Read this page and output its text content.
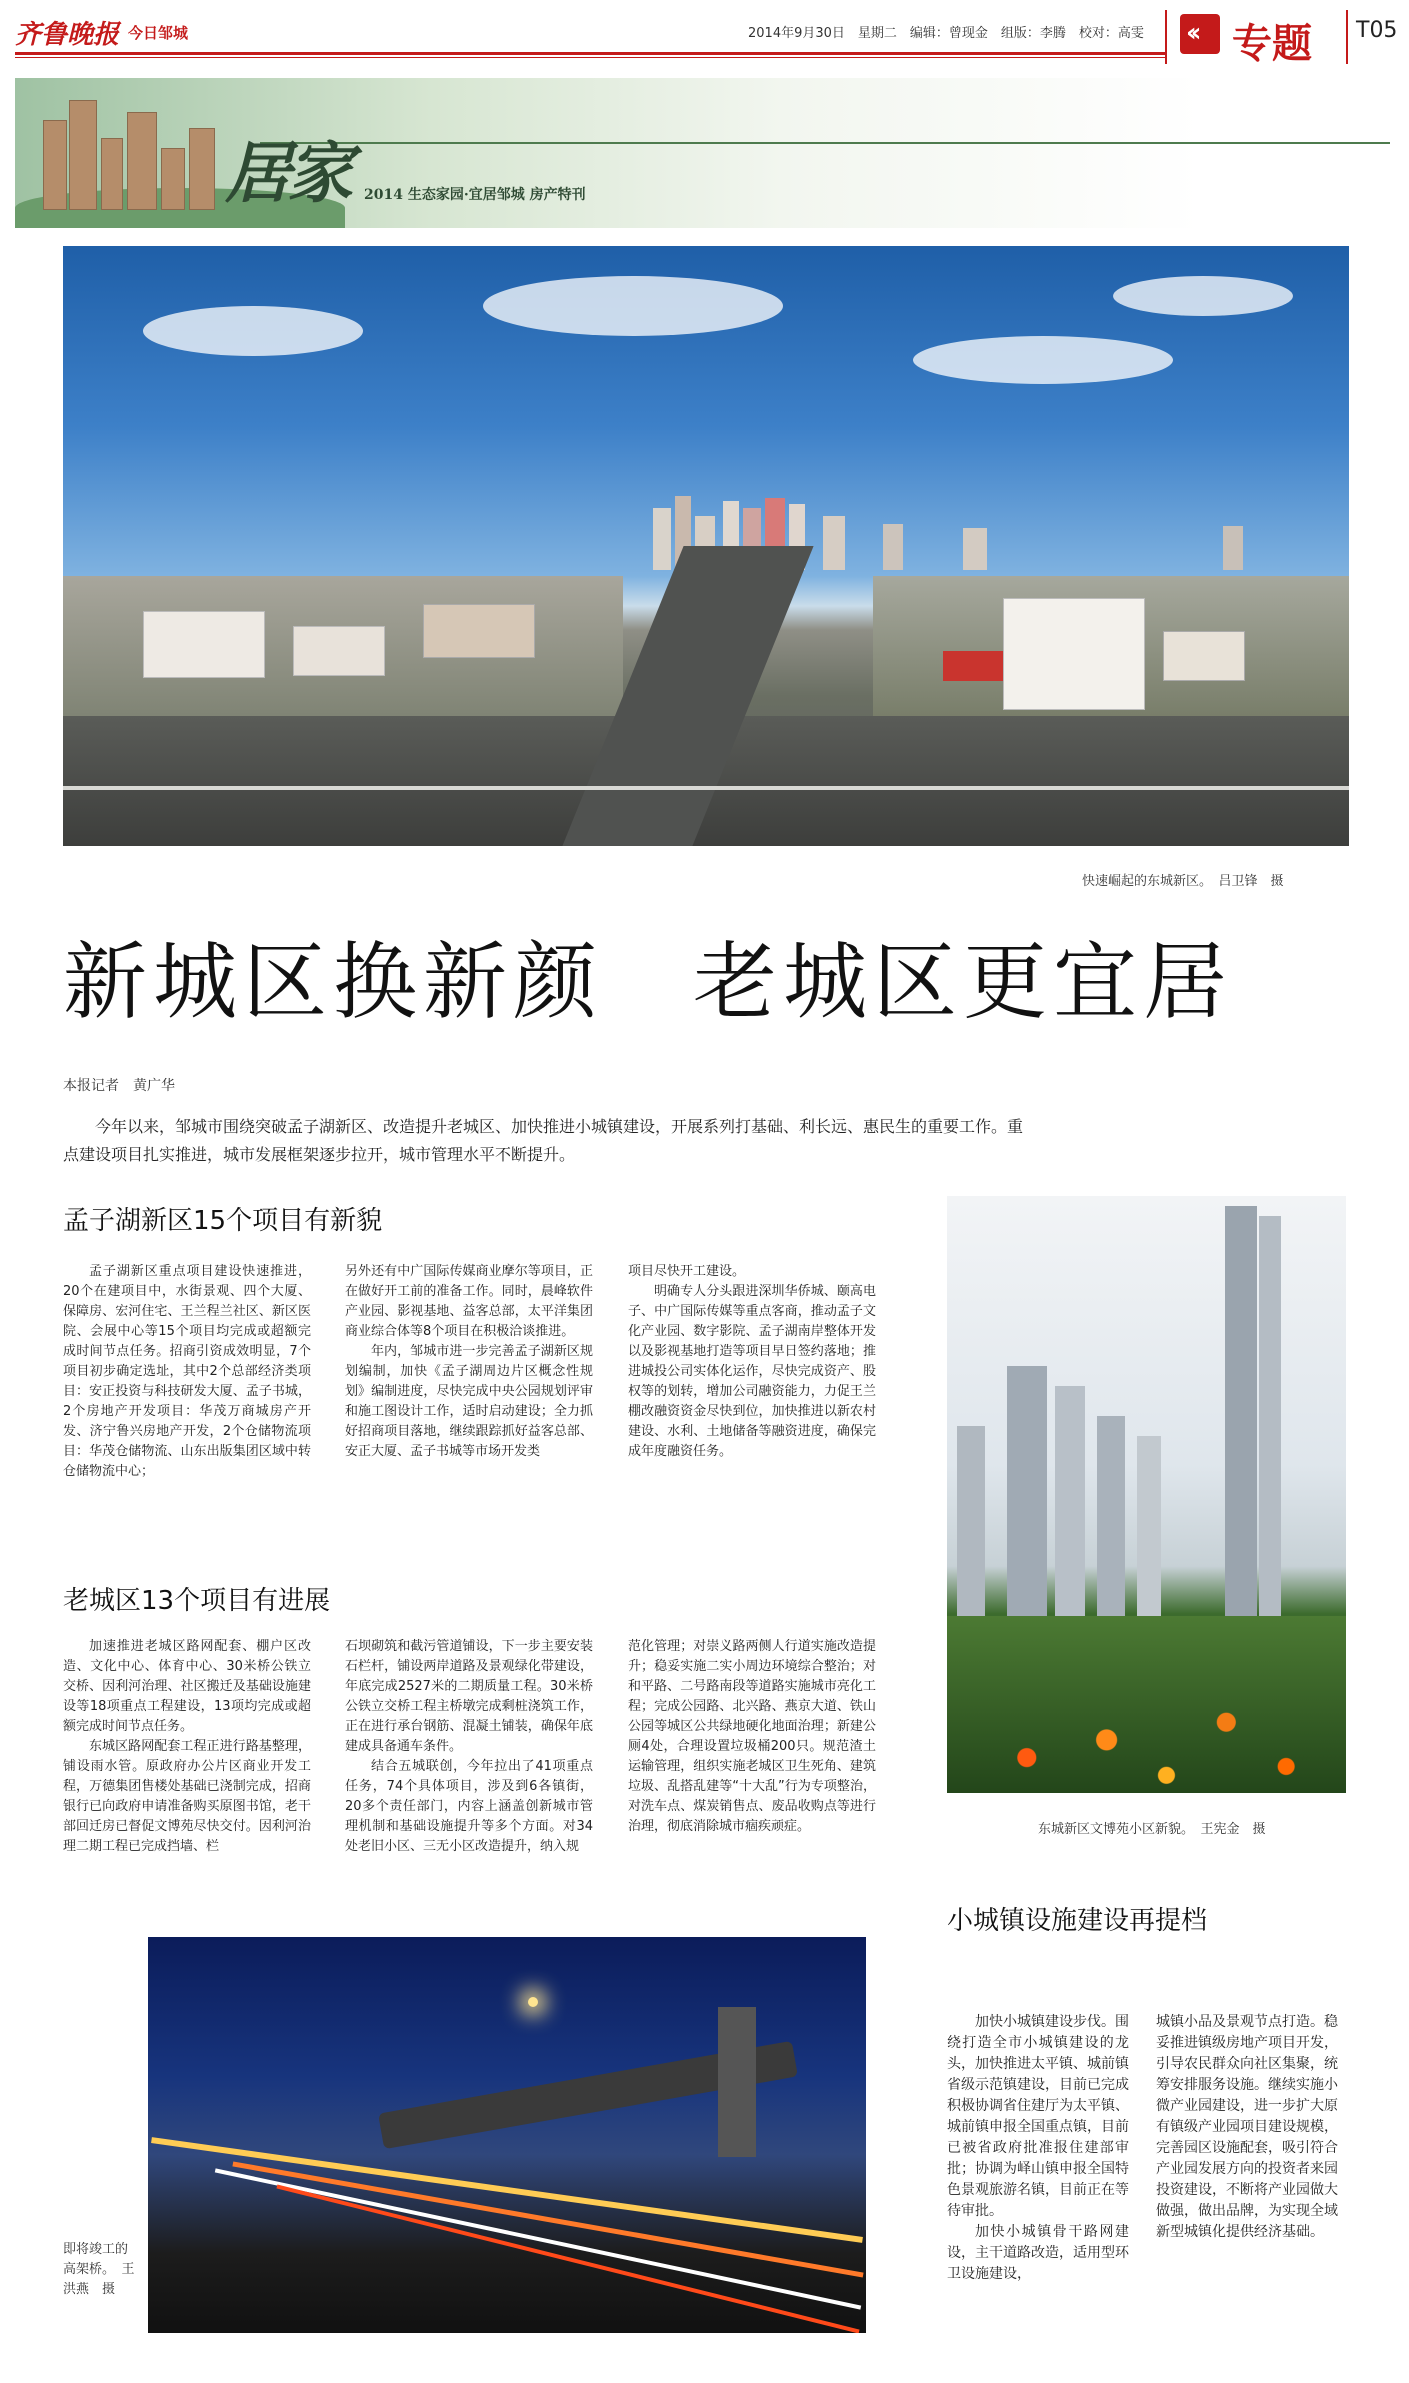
齐鲁晚报 今日邹城	2014年9月30日　星期二　编辑：曾现金　组版：李腾　校对：高雯 ‹‹ 专题 T05
居家 2014 生态家园·宜居邹城 房产特刊
快速崛起的东城新区。　吕卫锋　摄
新城区换新颜　老城区更宜居
本报记者　黄广华
今年以来，邹城市围绕突破孟子湖新区、改造提升老城区、加快推进小城镇建设，开展系列打基础、利长远、惠民生的重要工作。重点建设项目扎实推进，城市发展框架逐步拉开，城市管理水平不断提升。
孟子湖新区15个项目有新貌

孟子湖新区重点项目建设快速推进，20个在建项目中，水街景观、四个大厦、保障房、宏河住宅、王兰程兰社区、新区医院、会展中心等15个项目均完成或超额完成时间节点任务。招商引资成效明显，7个项目初步确定选址，其中2个总部经济类项目：安正投资与科技研发大厦、孟子书城，2个房地产开发项目：华茂万商城房产开发、济宁鲁兴房地产开发，2个仓储物流项目：华茂仓储物流、山东出版集团区域中转仓储物流中心；

另外还有中广国际传媒商业摩尔等项目，正在做好开工前的准备工作。同时，晨峰软件产业园、影视基地、益客总部，太平洋集团商业综合体等8个项目在积极洽谈推进。

年内，邹城市进一步完善孟子湖新区规划编制，加快《孟子湖周边片区概念性规划》编制进度，尽快完成中央公园规划评审和施工图设计工作，适时启动建设；全力抓好招商项目落地，继续跟踪抓好益客总部、安正大厦、孟子书城等市场开发类

项目尽快开工建设。

明确专人分头跟进深圳华侨城、颐高电子、中广国际传媒等重点客商，推动孟子文化产业园、数字影院、孟子湖南岸整体开发以及影视基地打造等项目早日签约落地；推进城投公司实体化运作，尽快完成资产、股权等的划转，增加公司融资能力，力促王兰棚改融资资金尽快到位，加快推进以新农村建设、水利、土地储备等融资进度，确保完成年度融资任务。

东城新区文博苑小区新貌。　王宪金　摄
老城区13个项目有进展

加速推进老城区路网配套、棚户区改造、文化中心、体育中心、30米桥公铁立交桥、因利河治理、社区搬迁及基础设施建设等18项重点工程建设，13项均完成或超额完成时间节点任务。

东城区路网配套工程正进行路基整理，铺设雨水管。原政府办公片区商业开发工程，万德集团售楼处基础已浇制完成，招商银行已向政府申请准备购买原图书馆，老干部回迁房已督促文博苑尽快交付。因利河治理二期工程已完成挡墙、栏

石坝砌筑和截污管道铺设，下一步主要安装石栏杆，铺设两岸道路及景观绿化带建设，年底完成2527米的二期质量工程。30米桥公铁立交桥工程主桥墩完成剩桩浇筑工作，正在进行承台钢筋、混凝土铺装，确保年底建成具备通车条件。

结合五城联创，今年拉出了41项重点任务，74个具体项目，涉及到6各镇街，20多个责任部门，内容上涵盖创新城市管理机制和基础设施提升等多个方面。对34处老旧小区、三无小区改造提升，纳入规

范化管理；对崇义路两侧人行道实施改造提升；稳妥实施二实小周边环境综合整治；对和平路、二号路南段等道路实施城市亮化工程；完成公园路、北兴路、燕京大道、铁山公园等城区公共绿地硬化地面治理；新建公厕4处，合理设置垃圾桶200只。规范渣土运输管理，组织实施老城区卫生死角、建筑垃圾、乱搭乱建等“十大乱”行为专项整治，对洗车点、煤炭销售点、废品收购点等进行治理，彻底消除城市痼疾顽症。

即将竣工的高架桥。　王洪燕　摄
小城镇设施建设再提档

加快小城镇建设步伐。围绕打造全市小城镇建设的龙头，加快推进太平镇、城前镇省级示范镇建设，目前已完成积极协调省住建厅为太平镇、城前镇申报全国重点镇，目前已被省政府批准报住建部审批；协调为峄山镇申报全国特色景观旅游名镇，目前正在等待审批。

加快小城镇骨干路网建设，主干道路改造，适用型环卫设施建设，

城镇小品及景观节点打造。稳妥推进镇级房地产项目开发，引导农民群众向社区集聚，统筹安排服务设施。继续实施小微产业园建设，进一步扩大原有镇级产业园项目建设规模，完善园区设施配套，吸引符合产业园发展方向的投资者来园投资建设，不断将产业园做大做强，做出品牌，为实现全域新型城镇化提供经济基础。
